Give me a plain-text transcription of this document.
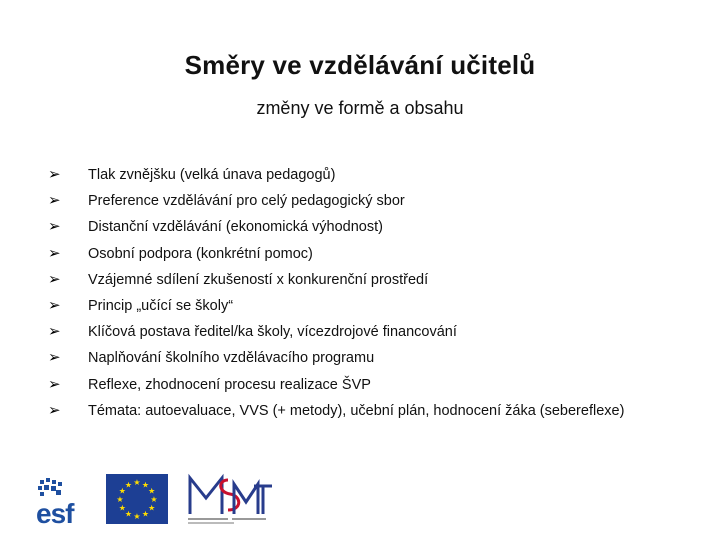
Směry ve vzdělávání učitelů
změny ve formě a obsahu
➢	Tlak zvnějšku (velká únava pedagogů)
➢	Preference vzdělávání pro celý pedagogický sbor
➢	Distanční vzdělávání (ekonomická výhodnost)
➢	Osobní podpora (konkrétní pomoc)
➢	Vzájemné sdílení zkušeností x konkurenční prostředí
➢	Princip „učící se školy“
➢	Klíčová postava ředitel/ka školy, vícezdrojové financování
➢	Naplňování školního vzdělávacího programu
➢	Reflexe, zhodnocení procesu realizace ŠVP
➢	Témata: autoevaluace, VVS (+ metody), učební plán, hodnocení žáka (sebereflexe)
esf
★ ★
★
★
★
★
★
★
★
★
★
★
MŠMT
